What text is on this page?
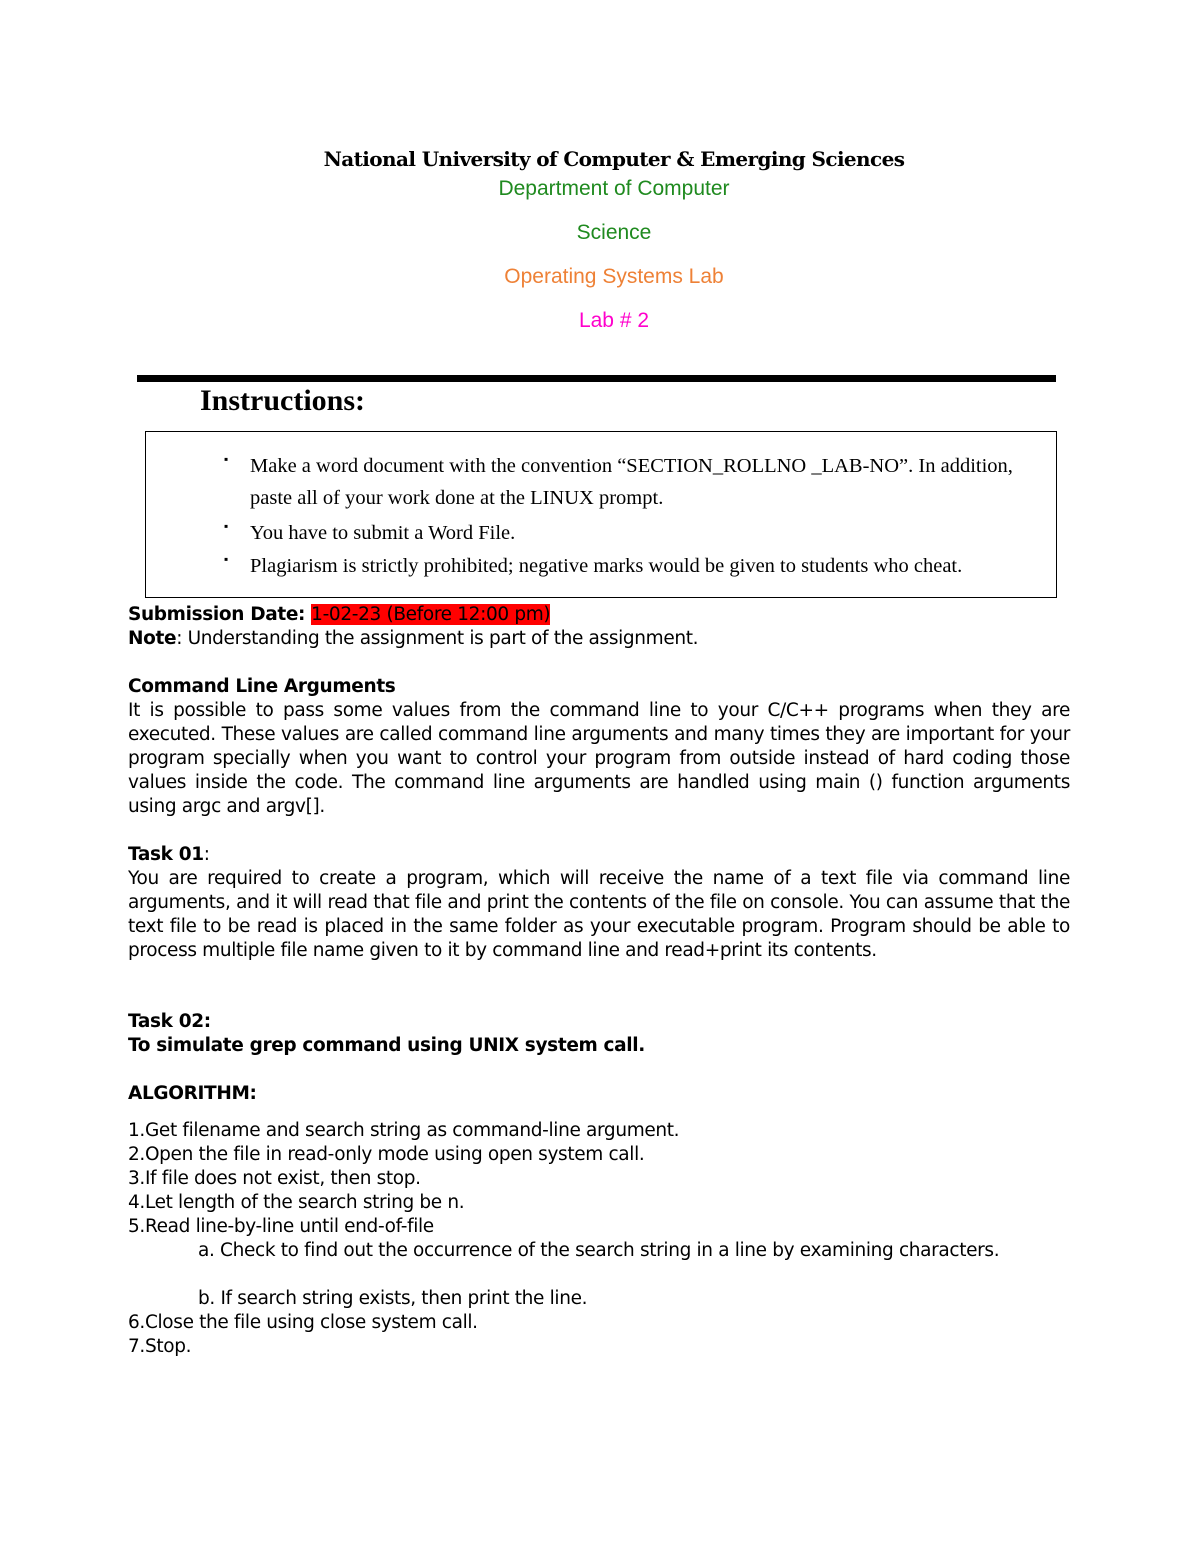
National University of Computer & Emerging Sciences
Department of Computer
Science
Operating Systems Lab
Lab # 2
Instructions:
▪ Make a word document with the convention “SECTION_ROLLNO _LAB-NO”. In addition, paste all of your work done at the LINUX prompt.
▪ You have to submit a Word File.
▪ Plagiarism is strictly prohibited; negative marks would be given to students who cheat.
Submission Date: 1-02-23 (Before 12:00 pm)
Note: Understanding the assignment is part of the assignment.
Command Line Arguments
It is possible to pass some values from the command line to your C/C++ programs when they are executed. These values are called command line arguments and many times they are important for your program specially when you want to control your program from outside instead of hard coding those values inside the code. The command line arguments are handled using main () function arguments using argc and argv[].
Task 01:
You are required to create a program, which will receive the name of a text file via command line arguments, and it will read that file and print the contents of the file on console. You can assume that the text file to be read is placed in the same folder as your executable program. Program should be able to process multiple file name given to it by command line and read+print its contents.
Task 02:
To simulate grep command using UNIX system call.
ALGORITHM:
1.Get filename and search string as command-line argument.
2.Open the file in read-only mode using open system call.
3.If file does not exist, then stop.
4.Let length of the search string be n.
5.Read line-by-line until end-of-file
a. Check to find out the occurrence of the search string in a line by examining characters.
b. If search string exists, then print the line.
6.Close the file using close system call.
7.Stop.
